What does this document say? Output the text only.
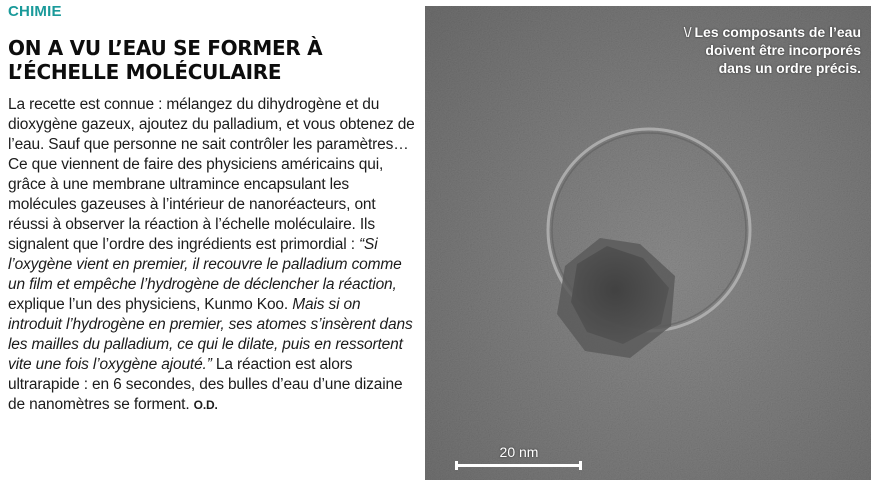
CHIMIE
ON A VU L’EAU SE FORMER À L’ÉCHELLE MOLÉCULAIRE
La recette est connue : mélangez du dihydrogène et du dioxygène gazeux, ajoutez du palladium, et vous obtenez de l’eau. Sauf que personne ne sait contrôler les paramètres… Ce que viennent de faire des physiciens américains qui, grâce à une membrane ultramince encapsulant les molécules gazeuses à l’intérieur de nanoréacteurs, ont réussi à observer la réaction à l’échelle moléculaire. Ils signalent que l’ordre des ingrédients est primordial : “Si l’oxygène vient en premier, il recouvre le palladium comme un film et empêche l’hydrogène de déclencher la réaction, explique l’un des physiciens, Kunmo Koo. Mais si on introduit l’hydrogène en premier, ses atomes s’insèrent dans les mailles du palladium, ce qui le dilate, puis en ressortent vite une fois l’oxygène ajouté.” La réaction est alors ultrarapide : en 6 secondes, des bulles d’eau d’une dizaine de nanomètres se forment. O.D.
\/ Les composants de l’eau doivent être incorporés dans un ordre précis.
20 nm
